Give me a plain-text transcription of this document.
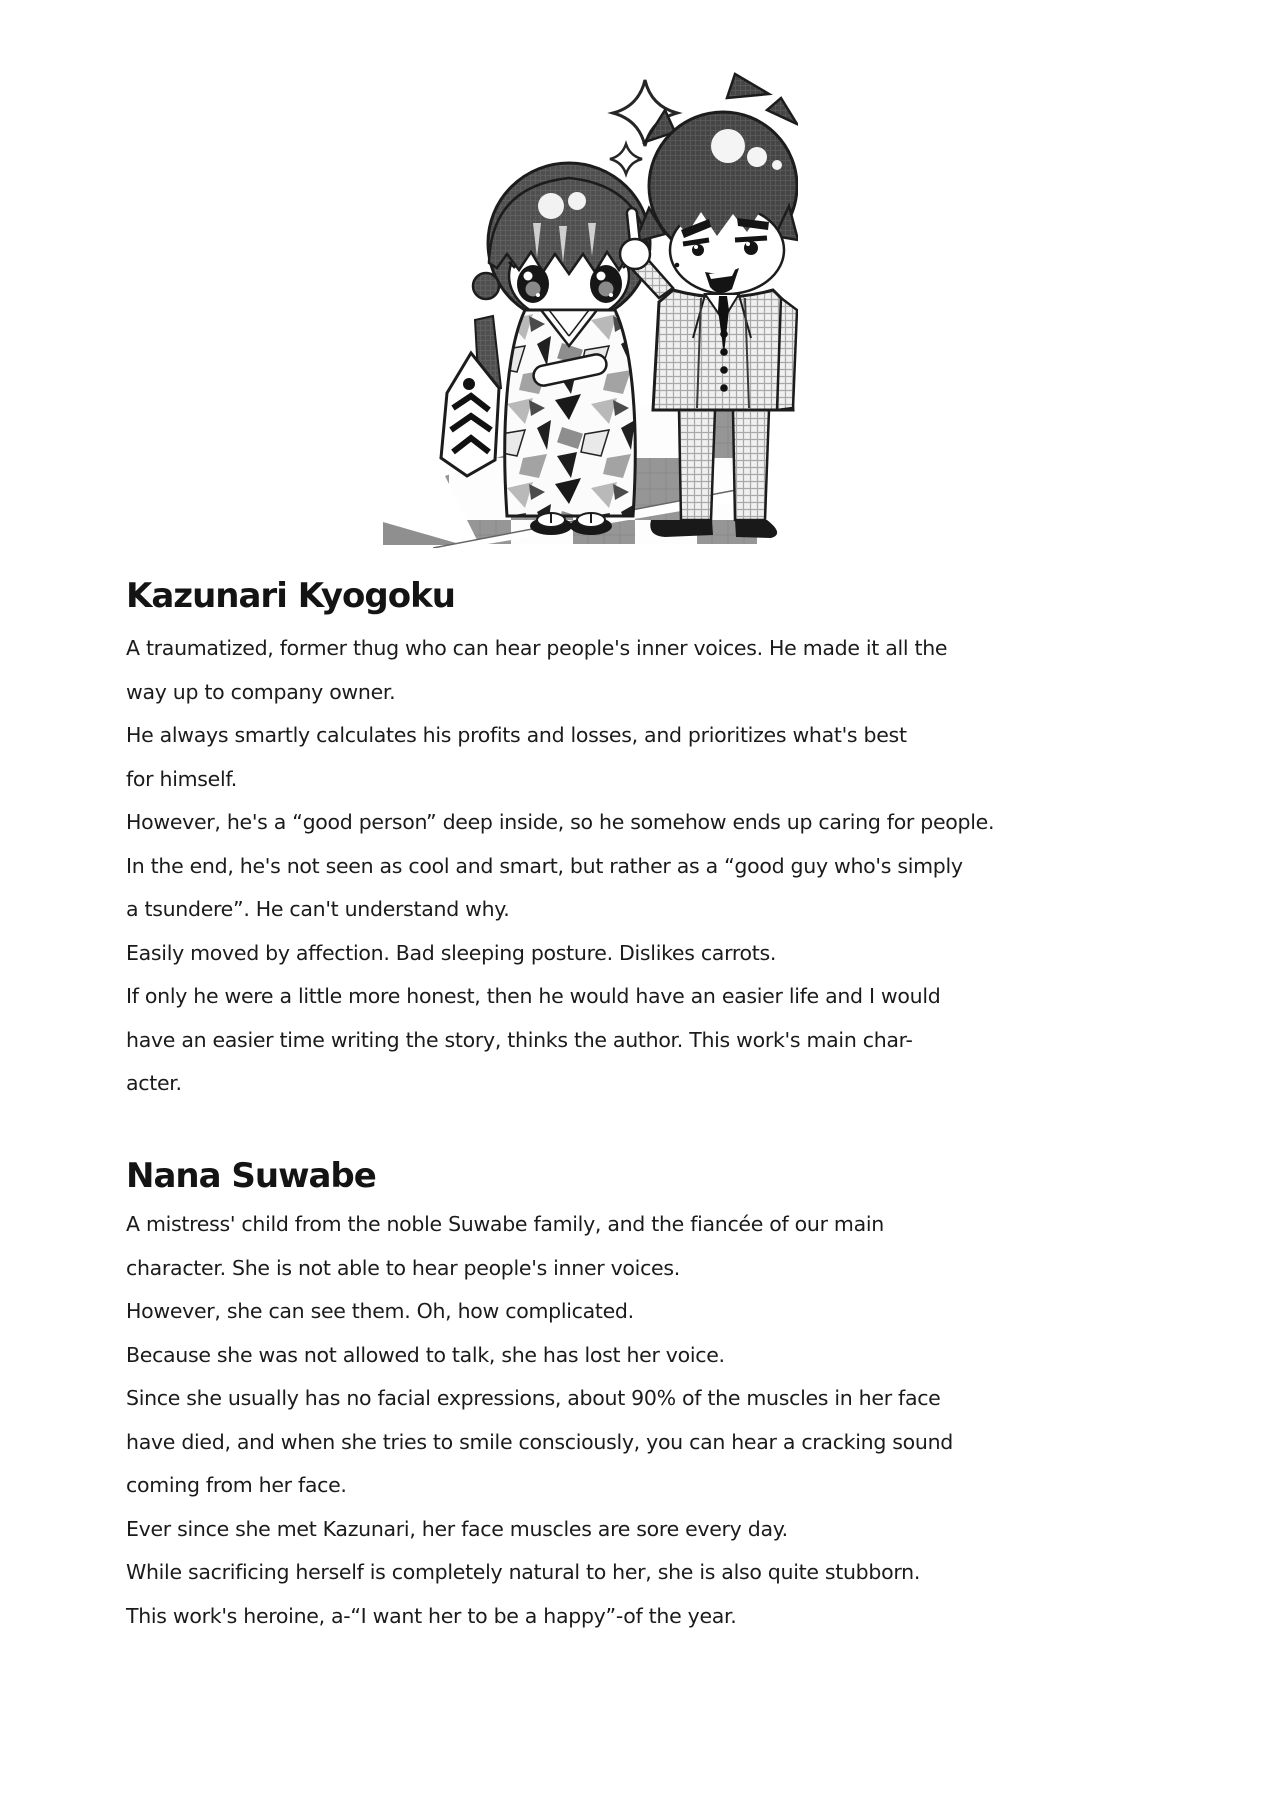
Kazunari Kyogoku
A traumatized, former thug who can hear people's inner voices. He made it all the
way up to company owner.
He always smartly calculates his profits and losses, and prioritizes what's best
for himself.
However, he's a “good person” deep inside, so he somehow ends up caring for people.
In the end, he's not seen as cool and smart, but rather as a “good guy who's simply
a tsundere”. He can't understand why.
Easily moved by affection. Bad sleeping posture. Dislikes carrots.
If only he were a little more honest, then he would have an easier life and I would
have an easier time writing the story, thinks the author. This work's main char-
acter.
Nana Suwabe
A mistress' child from the noble Suwabe family, and the fiancée of our main
character. She is not able to hear people's inner voices.
However, she can see them. Oh, how complicated.
Because she was not allowed to talk, she has lost her voice.
Since she usually has no facial expressions, about 90% of the muscles in her face
have died, and when she tries to smile consciously, you can hear a cracking sound
coming from her face.
Ever since she met Kazunari, her face muscles are sore every day.
While sacrificing herself is completely natural to her, she is also quite stubborn.
This work's heroine, a-“I want her to be a happy”-of the year.
